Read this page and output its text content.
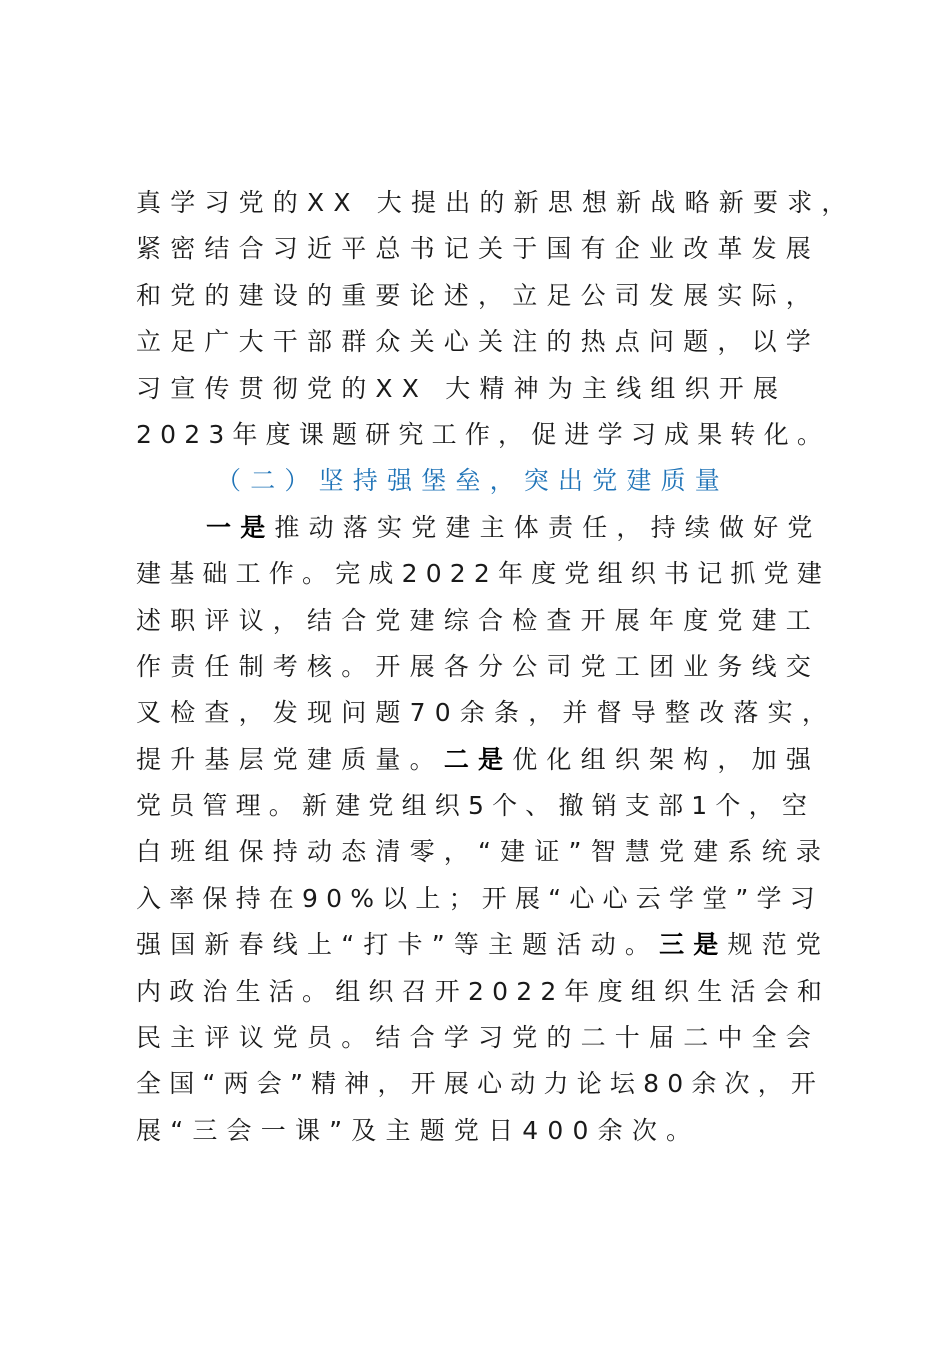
真学习党的XX 大提出的新思想新战略新要求，
紧密结合习近平总书记关于国有企业改革发展
和党的建设的重要论述，立足公司发展实际，
立足广大干部群众关心关注的热点问题，以学
习宣传贯彻党的XX 大精神为主线组织开展
2023年度课题研究工作，促进学习成果转化。
（二）坚持强堡垒，突出党建质量
一是推动落实党建主体责任，持续做好党
建基础工作。完成2022年度党组织书记抓党建
述职评议，结合党建综合检查开展年度党建工
作责任制考核。开展各分公司党工团业务线交
叉检查，发现问题70余条，并督导整改落实，
提升基层党建质量。二是优化组织架构，加强
党员管理。新建党组织5个、撤销支部1个，空
白班组保持动态清零，“建证”智慧党建系统录
入率保持在90%以上；开展“心心云学堂”学习
强国新春线上“打卡”等主题活动。三是规范党
内政治生活。组织召开2022年度组织生活会和
民主评议党员。结合学习党的二十届二中全会
全国“两会”精神，开展心动力论坛80余次，开
展“三会一课”及主题党日400余次。
